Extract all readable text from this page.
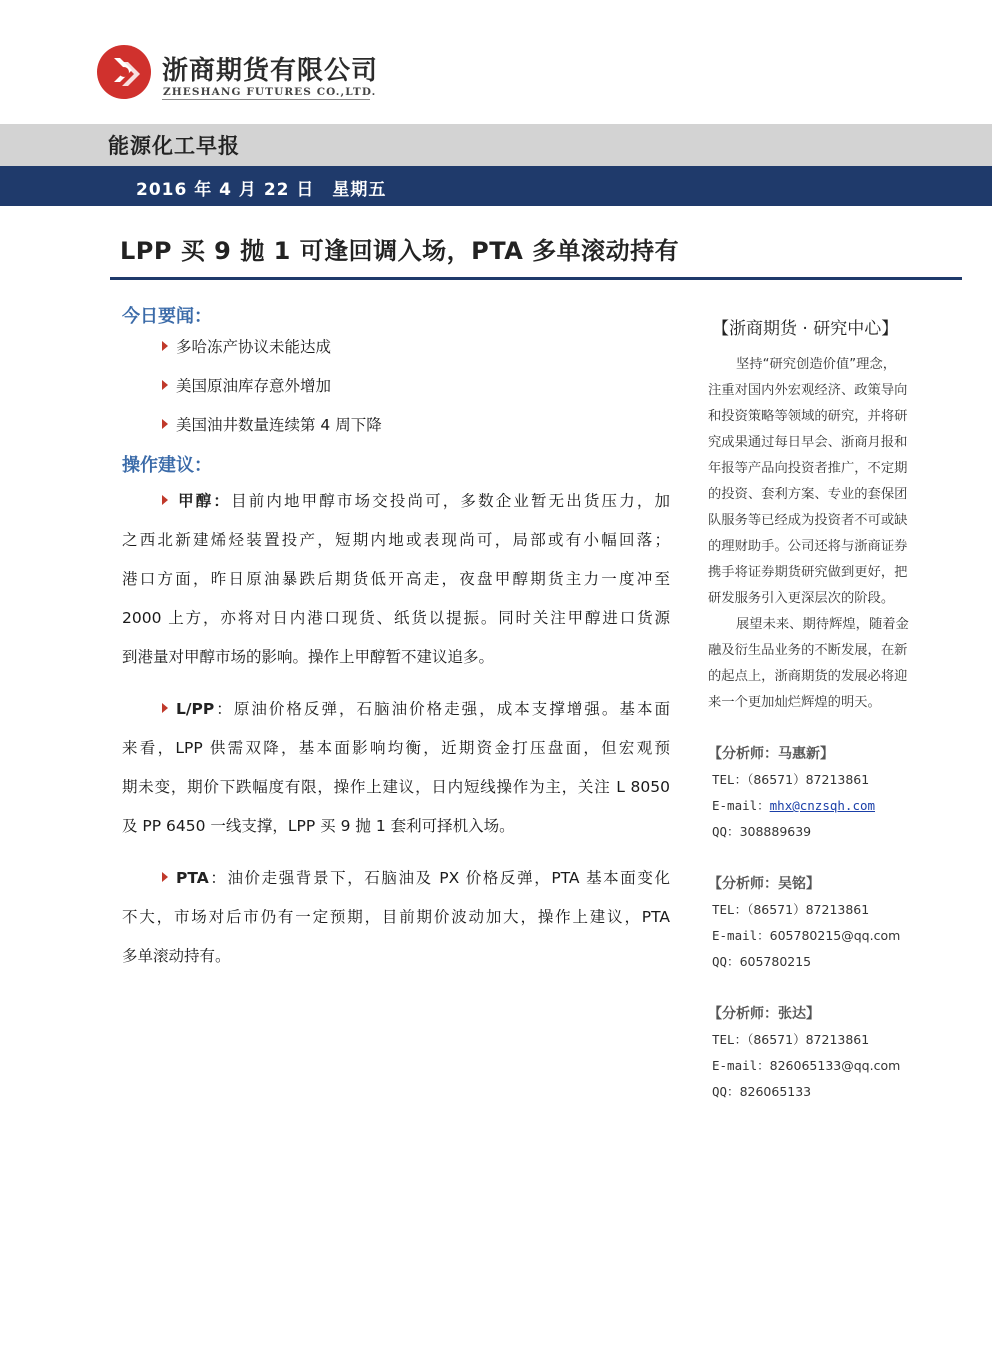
浙商期货有限公司
ZHESHANG FUTURES CO.,LTD.
能源化工早报
2016 年 4 月 22 日 星期五
LPP 买 9 抛 1 可逢回调入场，PTA 多单滚动持有
今日要闻：
多哈冻产协议未能达成
美国原油库存意外增加
美国油井数量连续第 4 周下降
操作建议：
甲醇：目前内地甲醇市场交投尚可，多数企业暂无出货压力，加
之西北新建烯烃装置投产，短期内地或表现尚可，局部或有小幅回落；
港口方面，昨日原油暴跌后期货低开高走，夜盘甲醇期货主力一度冲至
2000 上方，亦将对日内港口现货、纸货以提振。同时关注甲醇进口货源
到港量对甲醇市场的影响。操作上甲醇暂不建议追多。
L/PP：原油价格反弹，石脑油价格走强，成本支撑增强。基本面
来看，LPP 供需双降，基本面影响均衡，近期资金打压盘面，但宏观预
期未变，期价下跌幅度有限，操作上建议，日内短线操作为主，关注 L 8050
及 PP 6450 一线支撑，LPP 买 9 抛 1 套利可择机入场。
PTA：油价走强背景下，石脑油及 PX 价格反弹，PTA 基本面变化
不大，市场对后市仍有一定预期，目前期价波动加大，操作上建议，PTA
多单滚动持有。
【浙商期货 · 研究中心】
坚持“研究创造价值”理念，
注重对国内外宏观经济、政策导向
和投资策略等领域的研究，并将研
究成果通过每日早会、浙商月报和
年报等产品向投资者推广，不定期
的投资、套利方案、专业的套保团
队服务等已经成为投资者不可或缺
的理财助手。公司还将与浙商证券
携手将证券期货研究做到更好，把
研发服务引入更深层次的阶段。
展望未来、期待辉煌，随着金
融及衍生品业务的不断发展，在新
的起点上，浙商期货的发展必将迎
来一个更加灿烂辉煌的明天。
【分析师：马惠新】
TEL：（86571）87213861
E-mail：mhx@cnzsqh.com
QQ：308889639
【分析师：吴铭】
TEL：（86571）87213861
E-mail：605780215@qq.com
QQ：605780215
【分析师：张达】
TEL：（86571）87213861
E-mail：826065133@qq.com
QQ：826065133
